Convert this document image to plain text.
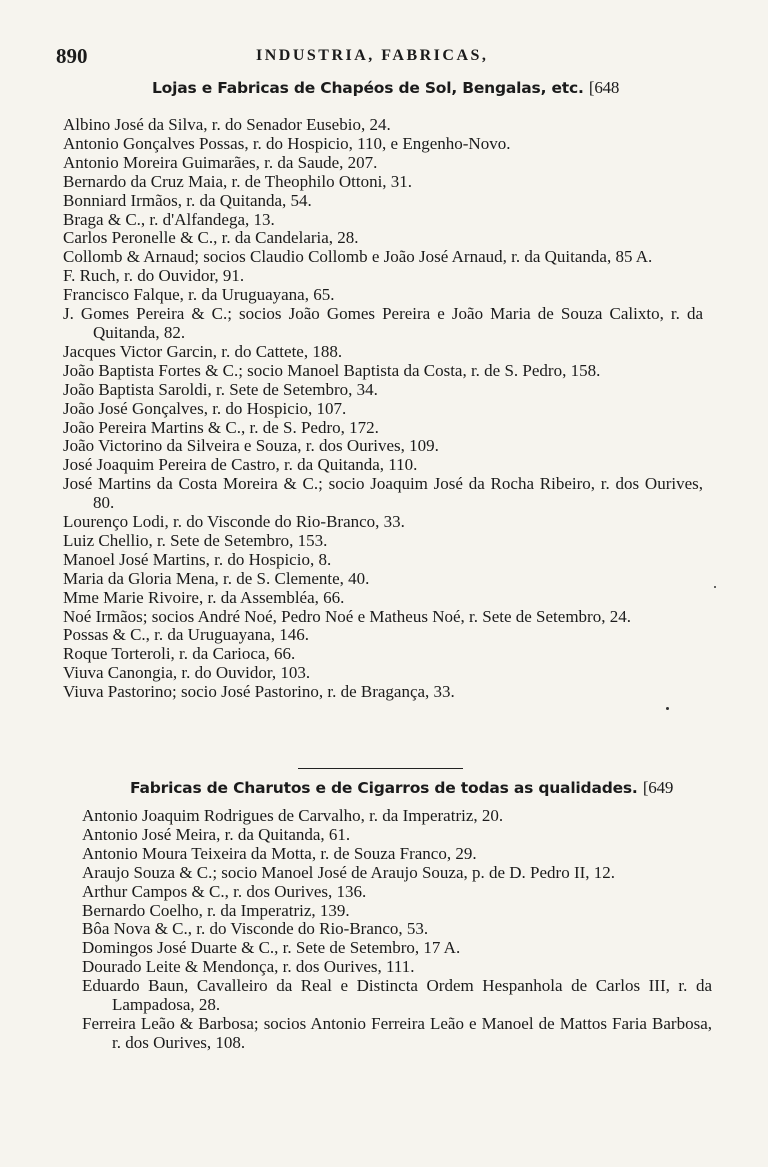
890	INDUSTRIA, FABRICAS,
Lojas e Fabricas de Chapéos de Sol, Bengalas, etc. [648

Albino José da Silva, r. do Senador Eusebio, 24.

Antonio Gonçalves Possas, r. do Hospicio, 110, e Engenho-Novo.

Antonio Moreira Guimarães, r. da Saude, 207.

Bernardo da Cruz Maia, r. de Theophilo Ottoni, 31.

Bonniard Irmãos, r. da Quitanda, 54.

Braga & C., r. d'Alfandega, 13.

Carlos Peronelle & C., r. da Candelaria, 28.

Collomb & Arnaud; socios Claudio Collomb e João José Arnaud, r. da Quitanda, 85 A.

F. Ruch, r. do Ouvidor, 91.

Francisco Falque, r. da Uruguayana, 65.

J. Gomes Pereira & C.; socios João Gomes Pereira e João Maria de Souza Calixto, r. da Quitanda, 82.

Jacques Victor Garcin, r. do Cattete, 188.

João Baptista Fortes & C.; socio Manoel Baptista da Costa, r. de S. Pedro, 158.

João Baptista Saroldi, r. Sete de Setembro, 34.

João José Gonçalves, r. do Hospicio, 107.

João Pereira Martins & C., r. de S. Pedro, 172.

João Victorino da Silveira e Souza, r. dos Ourives, 109.

José Joaquim Pereira de Castro, r. da Quitanda, 110.

José Martins da Costa Moreira & C.; socio Joaquim José da Rocha Ribeiro, r. dos Ourives, 80.

Lourenço Lodi, r. do Visconde do Rio-Branco, 33.

Luiz Chellio, r. Sete de Setembro, 153.

Manoel José Martins, r. do Hospicio, 8.

Maria da Gloria Mena, r. de S. Clemente, 40.

Mme Marie Rivoire, r. da Assembléa, 66.

Noé Irmãos; socios André Noé, Pedro Noé e Matheus Noé, r. Sete de Setembro, 24.

Possas & C., r. da Uruguayana, 146.

Roque Torteroli, r. da Carioca, 66.

Viuva Canongia, r. do Ouvidor, 103.

Viuva Pastorino; socio José Pastorino, r. de Bragança, 33.

Fabricas de Charutos e de Cigarros de todas as qualidades. [649

Antonio Joaquim Rodrigues de Carvalho, r. da Imperatriz, 20.

Antonio José Meira, r. da Quitanda, 61.

Antonio Moura Teixeira da Motta, r. de Souza Franco, 29.

Araujo Souza & C.; socio Manoel José de Araujo Souza, p. de D. Pedro II, 12.

Arthur Campos & C., r. dos Ourives, 136.

Bernardo Coelho, r. da Imperatriz, 139.

Bôa Nova & C., r. do Visconde do Rio-Branco, 53.

Domingos José Duarte & C., r. Sete de Setembro, 17 A.

Dourado Leite & Mendonça, r. dos Ourives, 111.

Eduardo Baun, Cavalleiro da Real e Distincta Ordem Hespanhola de Carlos III, r. da Lampadosa, 28.

Ferreira Leão & Barbosa; socios Antonio Ferreira Leão e Manoel de Mattos Faria Barbosa, r. dos Ourives, 108.
